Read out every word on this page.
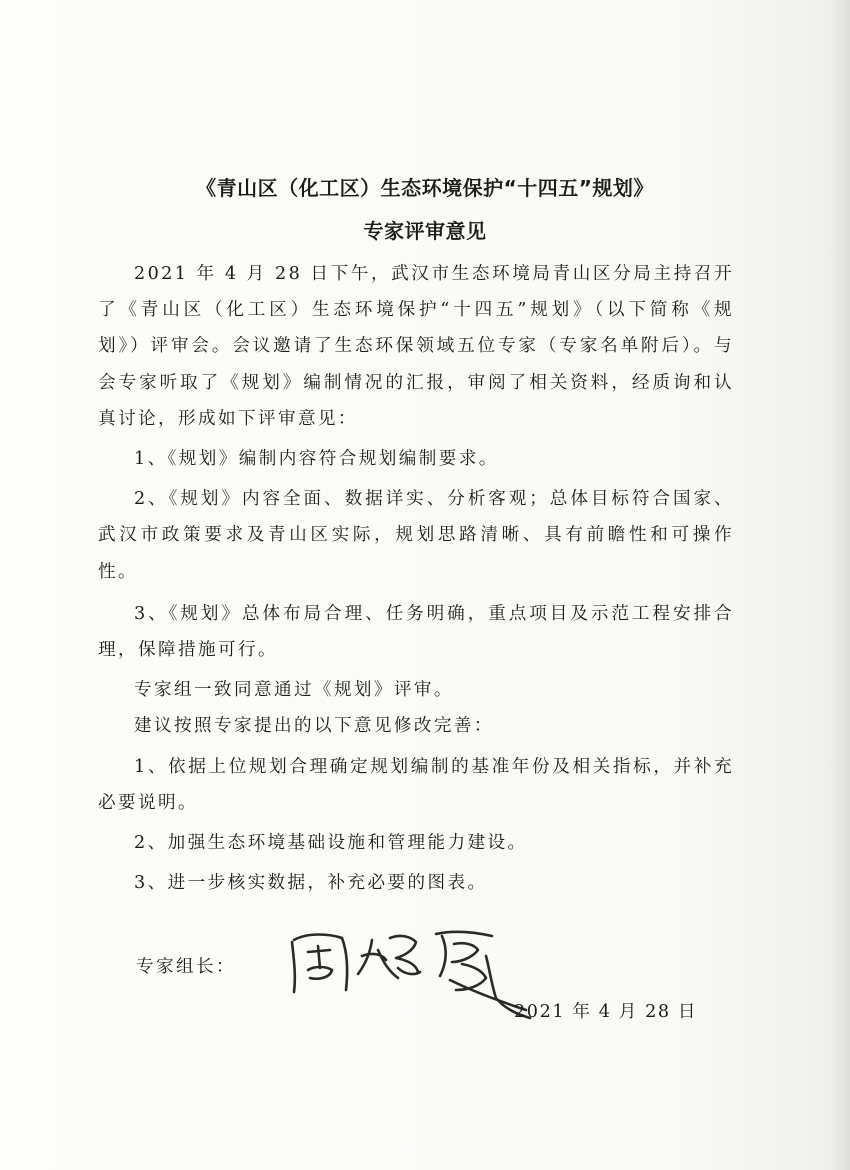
《青山区（化工区）生态环境保护“十四五”规划》
专家评审意见

2021 年 4 月 28 日下午，武汉市生态环境局青山区分局主持召开了《青山区（化工区）生态环境保护“十四五”规划》（以下简称《规划》）评审会。会议邀请了生态环保领域五位专家（专家名单附后）。与会专家听取了《规划》编制情况的汇报，审阅了相关资料，经质询和认真讨论，形成如下评审意见：

1、《规划》编制内容符合规划编制要求。

2、《规划》内容全面、数据详实、分析客观；总体目标符合国家、武汉市政策要求及青山区实际，规划思路清晰、具有前瞻性和可操作性。

3、《规划》总体布局合理、任务明确，重点项目及示范工程安排合理，保障措施可行。

专家组一致同意通过《规划》评审。

建议按照专家提出的以下意见修改完善：

1、依据上位规划合理确定规划编制的基准年份及相关指标，并补充必要说明。

2、加强生态环境基础设施和管理能力建设。

3、进一步核实数据，补充必要的图表。

专家组长：
2021 年 4 月 28 日
